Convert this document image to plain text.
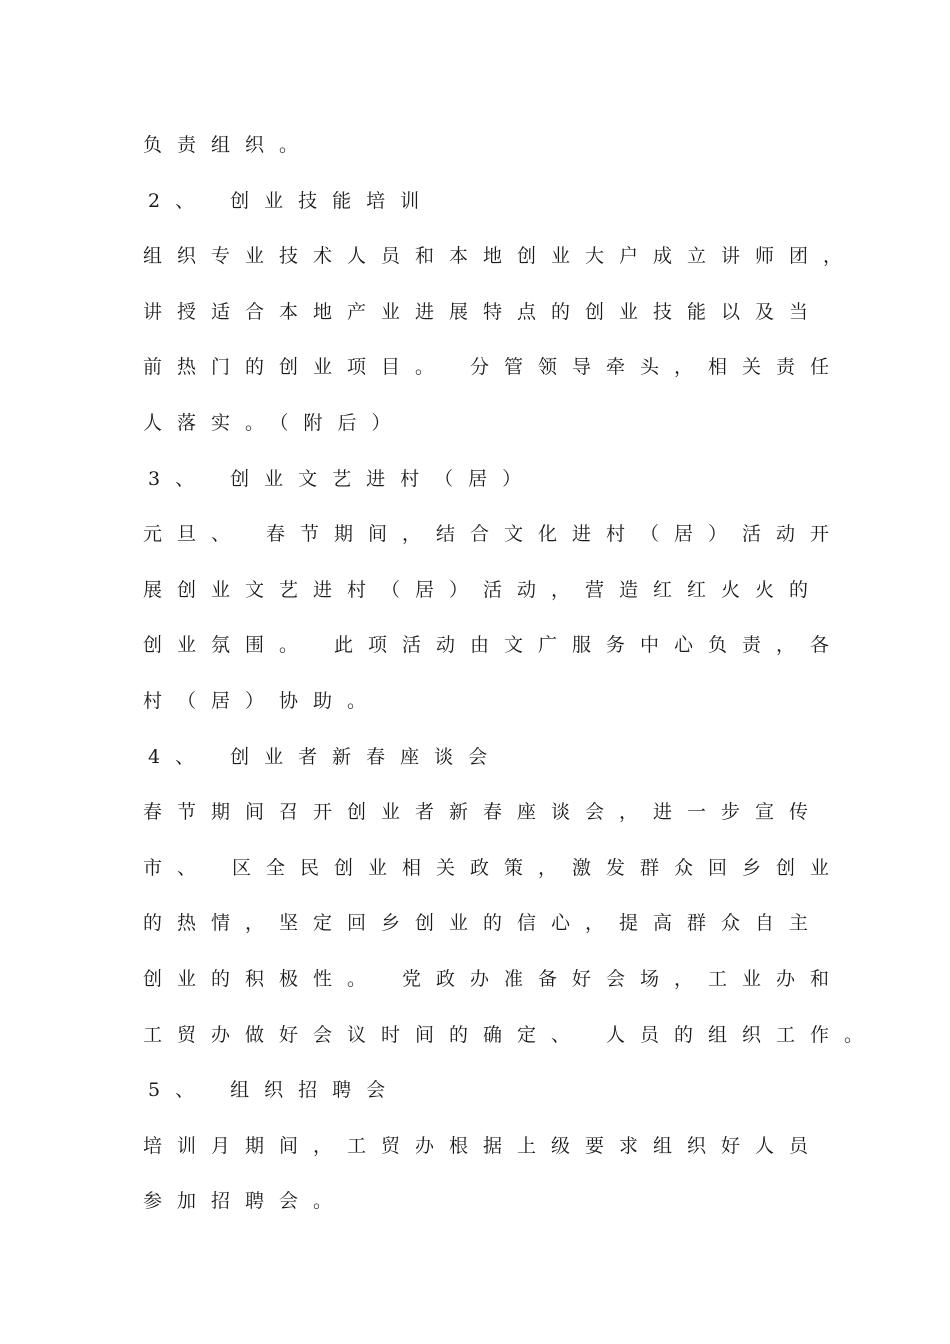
负责组织。
2、 创业技能培训
组织专业技术人员和本地创业大户成立讲师团，
讲授适合本地产业进展特点的创业技能以及当
前热门的创业项目。 分管领导牵头，相关责任
人落实。（附后）
3、 创业文艺进村（居）
元旦、 春节期间，结合文化进村（居）活动开
展创业文艺进村（居）活动，营造红红火火的
创业氛围。 此项活动由文广服务中心负责，各
村（居）协助。
4、 创业者新春座谈会
春节期间召开创业者新春座谈会，进一步宣传
市、 区全民创业相关政策，激发群众回乡创业
的热情，坚定回乡创业的信心，提高群众自主
创业的积极性。 党政办准备好会场，工业办和
工贸办做好会议时间的确定、 人员的组织工作。
5、 组织招聘会
培训月期间，工贸办根据上级要求组织好人员
参加招聘会。
